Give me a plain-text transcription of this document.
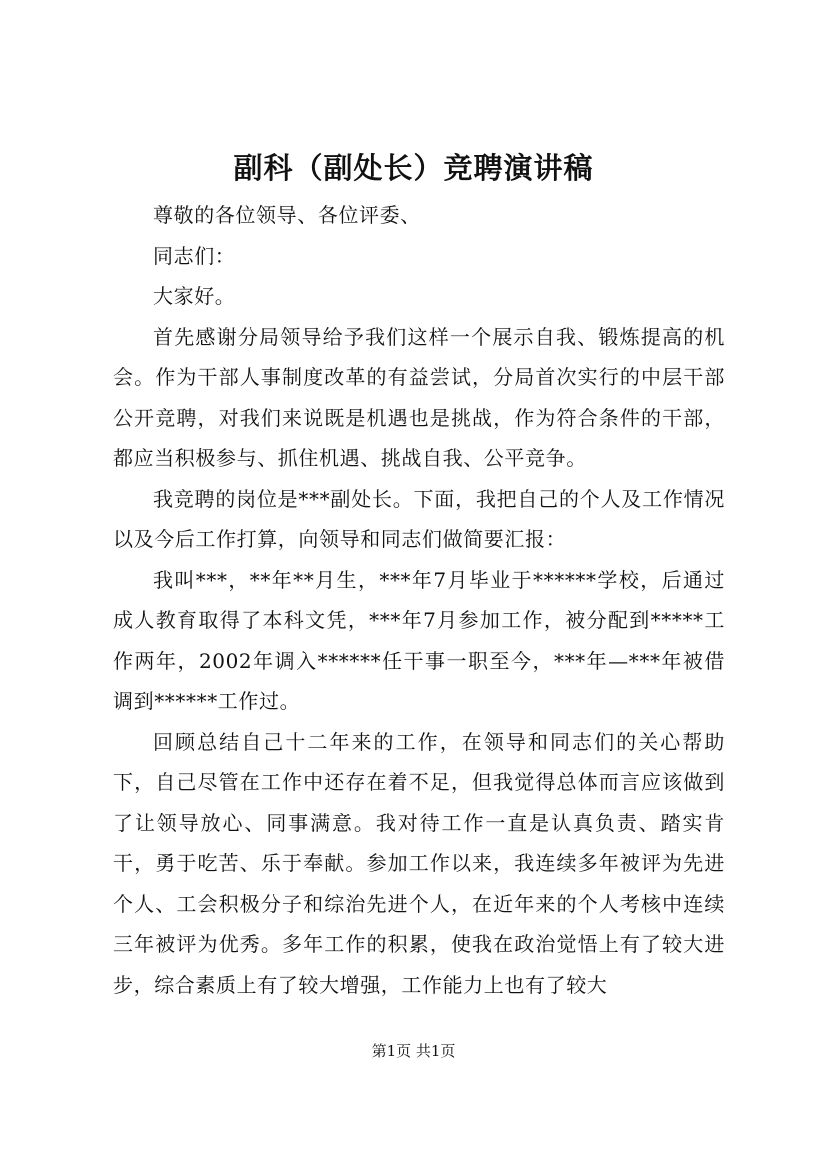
副科（副处长）竞聘演讲稿

尊敬的各位领导、各位评委、

同志们：

大家好。

首先感谢分局领导给予我们这样一个展示自我、锻炼提高的机会。作为干部人事制度改革的有益尝试，分局首次实行的中层干部公开竞聘，对我们来说既是机遇也是挑战，作为符合条件的干部，都应当积极参与、抓住机遇、挑战自我、公平竞争。

我竞聘的岗位是***副处长。下面，我把自己的个人及工作情况以及今后工作打算，向领导和同志们做简要汇报：

我叫***，**年**月生，***年7月毕业于******学校，后通过成人教育取得了本科文凭，***年7月参加工作，被分配到*****工作两年，2002年调入******任干事一职至今，***年—***年被借调到******工作过。

回顾总结自己十二年来的工作，在领导和同志们的关心帮助下，自己尽管在工作中还存在着不足，但我觉得总体而言应该做到了让领导放心、同事满意。我对待工作一直是认真负责、踏实肯干，勇于吃苦、乐于奉献。参加工作以来，我连续多年被评为先进个人、工会积极分子和综治先进个人，在近年来的个人考核中连续三年被评为优秀。多年工作的积累，使我在政治觉悟上有了较大进步，综合素质上有了较大增强，工作能力上也有了较大

第1页 共1页
